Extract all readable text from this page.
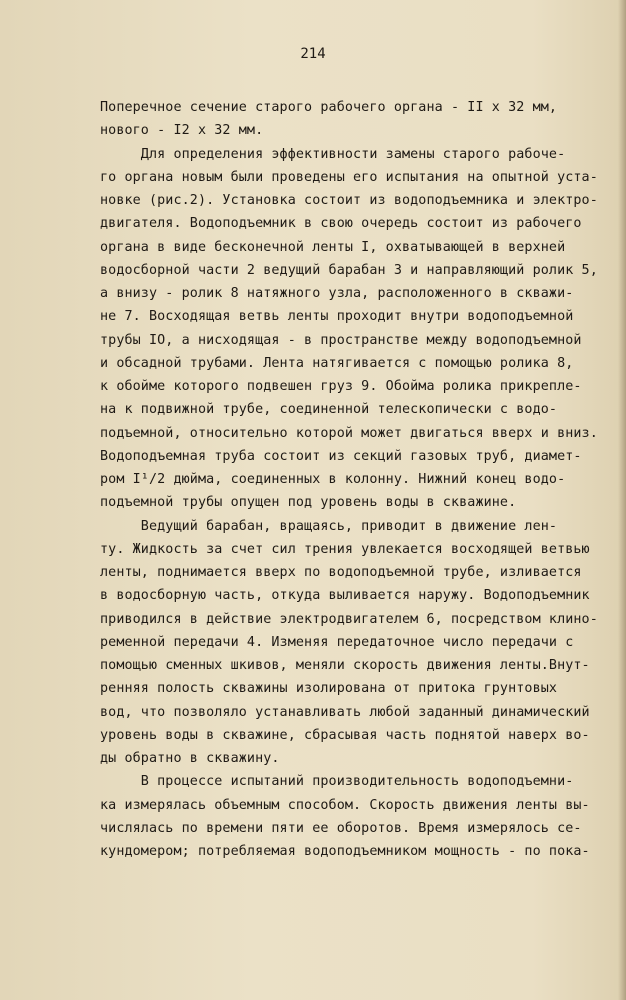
214
Поперечное сечение старого рабочего органа - II х 32 мм,
нового - I2 х 32 мм.
Для определения эффективности замены старого рабоче-
го органа новым были проведены его испытания на опытной уста-
новке (рис.2). Установка состоит из водоподъемника и электро-
двигателя. Водоподъемник в свою очередь состоит из рабочего
органа в виде бесконечной ленты I, охватывающей в верхней
водосборной части 2 ведущий барабан 3 и направляющий ролик 5,
а внизу - ролик 8 натяжного узла, расположенного в скважи-
не 7. Восходящая ветвь ленты проходит внутри водоподъемной
трубы IO, а нисходящая - в пространстве между водоподъемной
и обсадной трубами. Лента натягивается с помощью ролика 8,
к обойме которого подвешен груз 9. Обойма ролика прикрепле-
на к подвижной трубе, соединенной телескопически с водо-
подъемной, относительно которой может двигаться вверх и вниз.
Водоподъемная труба состоит из секций газовых труб, диамет-
ром I¹/2 дюйма, соединенных в колонну. Нижний конец водо-
подъемной трубы опущен под уровень воды в скважине.
Ведущий барабан, вращаясь, приводит в движение лен-
ту. Жидкость за счет сил трения увлекается восходящей ветвью
ленты, поднимается вверх по водоподъемной трубе, изливается
в водосборную часть, откуда выливается наружу. Водоподъемник
приводился в действие электродвигателем 6, посредством клино-
ременной передачи 4. Изменяя передаточное число передачи с
помощью сменных шкивов, меняли скорость движения ленты.Внут-
ренняя полость скважины изолирована от притока грунтовых
вод, что позволяло устанавливать любой заданный динамический
уровень воды в скважине, сбрасывая часть поднятой наверх во-
ды обратно в скважину.
В процессе испытаний производительность водоподъемни-
ка измерялась объемным способом. Скорость движения ленты вы-
числялась по времени пяти ее оборотов. Время измерялось се-
кундомером; потребляемая водоподъемником мощность - по пока-
